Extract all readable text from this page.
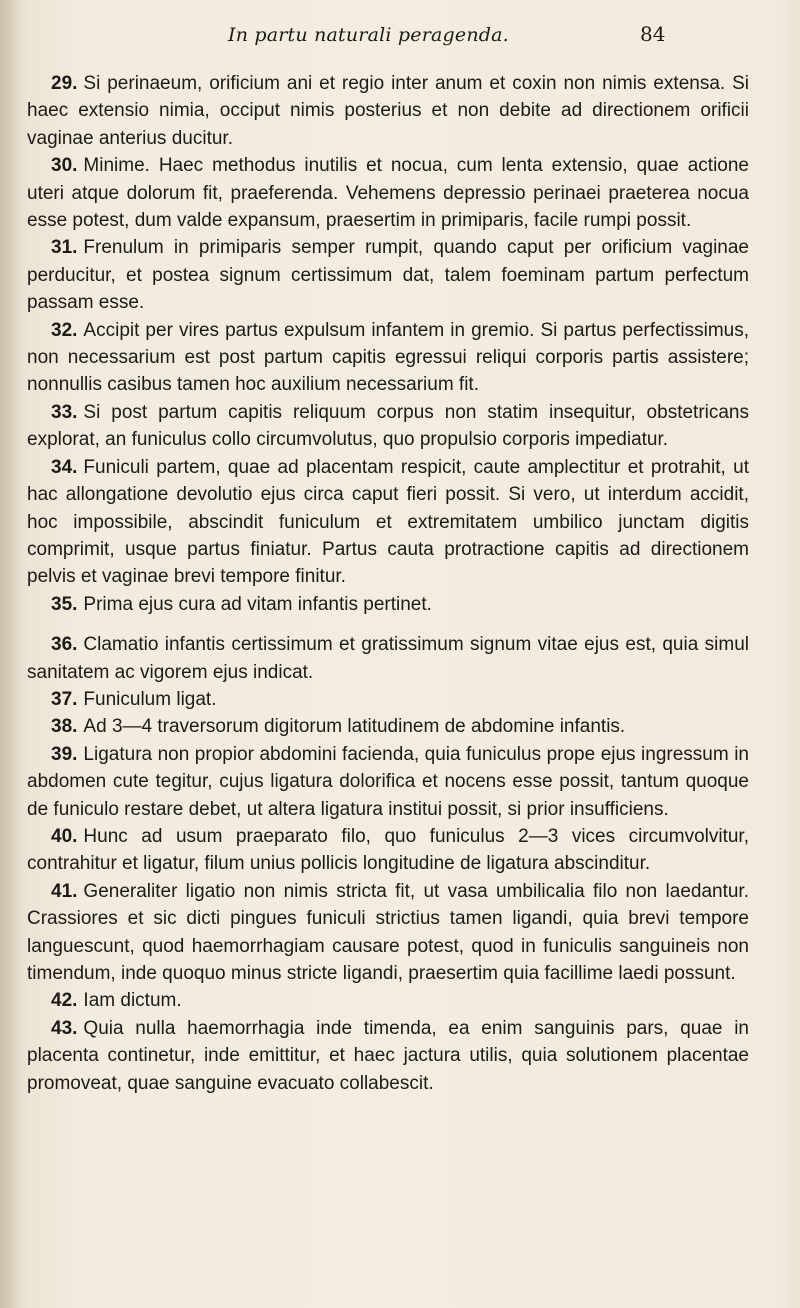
In partu naturali peragenda.	84

29. Si perinaeum, orificium ani et regio inter anum et coxin non nimis extensa. Si haec extensio nimia, occiput nimis posterius et non debite ad directionem orificii vaginae anterius ducitur.

30. Minime. Haec methodus inutilis et nocua, cum lenta extensio, quae actione uteri atque dolorum fit, praeferenda. Vehemens depressio perinaei praeterea nocua esse potest, dum valde expansum, praesertim in primiparis, facile rumpi possit.

31. Frenulum in primiparis semper rumpit, quando caput per orificium vaginae perducitur, et postea signum certissimum dat, talem foeminam partum perfectum passam esse.

32. Accipit per vires partus expulsum infantem in gremio. Si partus perfectissimus, non necessarium est post partum capitis egressui reliqui corporis partis assistere; nonnullis casibus tamen hoc auxilium necessarium fit.

33. Si post partum capitis reliquum corpus non statim insequitur, obstetricans explorat, an funiculus collo circumvolutus, quo propulsio corporis impediatur.

34. Funiculi partem, quae ad placentam respicit, caute amplectitur et protrahit, ut hac allongatione devolutio ejus circa caput fieri possit. Si vero, ut interdum accidit, hoc impossibile, abscindit funiculum et extremitatem umbilico junctam digitis comprimit, usque partus finiatur. Partus cauta protractione capitis ad directionem pelvis et vaginae brevi tempore finitur.

35. Prima ejus cura ad vitam infantis pertinet.

36. Clamatio infantis certissimum et gratissimum signum vitae ejus est, quia simul sanitatem ac vigorem ejus indicat.

37. Funiculum ligat.

38. Ad 3—4 traversorum digitorum latitudinem de abdomine infantis.

39. Ligatura non propior abdomini facienda, quia funiculus prope ejus ingressum in abdomen cute tegitur, cujus ligatura dolorifica et nocens esse possit, tantum quoque de funiculo restare debet, ut altera ligatura institui possit, si prior insufficiens.

40. Hunc ad usum praeparato filo, quo funiculus 2—3 vices circumvolvitur, contrahitur et ligatur, filum unius pollicis longitudine de ligatura abscinditur.

41. Generaliter ligatio non nimis stricta fit, ut vasa umbilicalia filo non laedantur. Crassiores et sic dicti pingues funiculi strictius tamen ligandi, quia brevi tempore languescunt, quod haemorrhagiam causare potest, quod in funiculis sanguineis non timendum, inde quoquo minus stricte ligandi, praesertim quia facillime laedi possunt.

42. Iam dictum.

43. Quia nulla haemorrhagia inde timenda, ea enim sanguinis pars, quae in placenta continetur, inde emittitur, et haec jactura utilis, quia solutionem placentae promoveat, quae sanguine evacuato collabescit.
